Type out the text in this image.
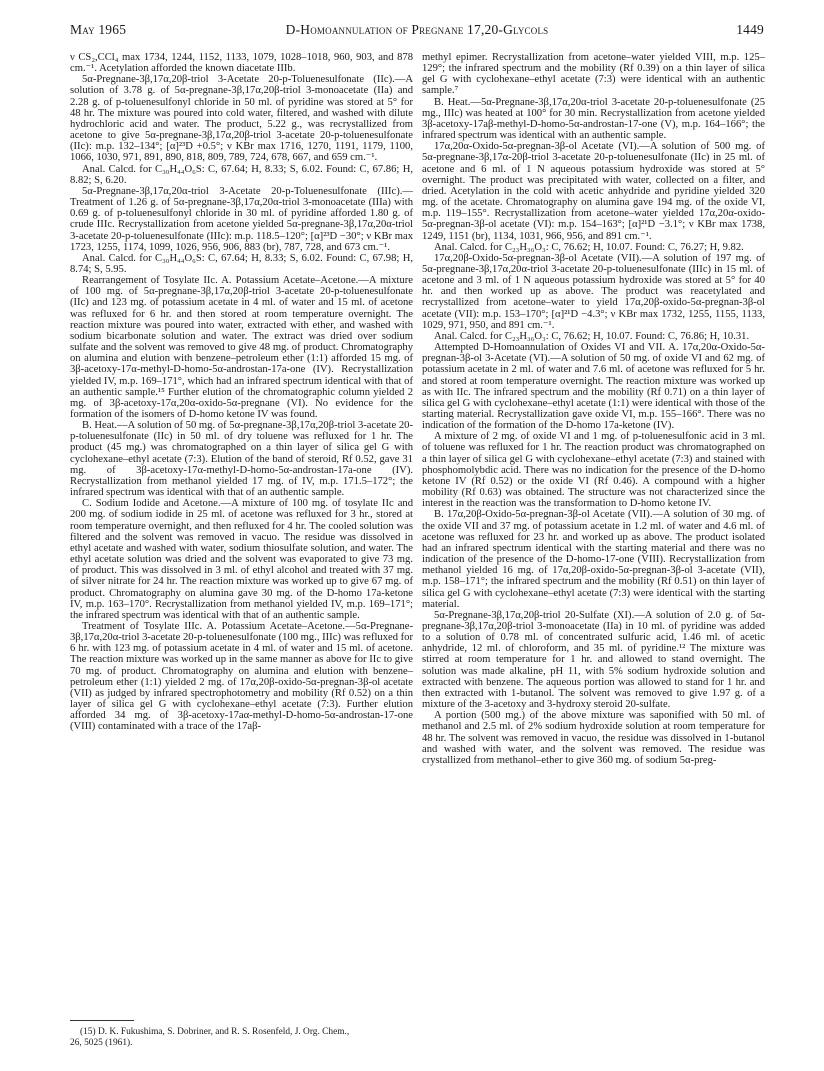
May 1965	D-Homoannulation of Pregnane 17,20-Glycols	1449

ν CS₂,CCl₄ max 1734, 1244, 1152, 1133, 1079, 1028–1018, 960, 903, and 878 cm.⁻¹. Acetylation afforded the known diacetate IIIb.

5α-Pregnane-3β,17α,20β-triol 3-Acetate 20-p-Toluenesulfonate (IIc).—A solution of 3.78 g. of 5α-pregnane-3β,17α,20β-triol 3-monoacetate (IIa) and 2.28 g. of p-toluenesulfonyl chloride in 50 ml. of pyridine was stored at 5° for 48 hr. The mixture was poured into cold water, filtered, and washed with dilute hydrochloric acid and water. The product, 5.22 g., was recrystallized from acetone to give 5α-pregnane-3β,17α,20β-triol 3-acetate 20-p-toluenesulfonate (IIc): m.p. 132–134°; [α]²³D +0.5°; ν KBr max 1716, 1270, 1191, 1179, 1100, 1066, 1030, 971, 891, 890, 818, 809, 789, 724, 678, 667, and 659 cm.⁻¹.

Anal. Calcd. for C₃₀H₄₄O₆S: C, 67.64; H, 8.33; S, 6.02. Found: C, 67.86; H, 8.82; S, 6.20.

5α-Pregnane-3β,17α,20α-triol 3-Acetate 20-p-Toluenesulfonate (IIIc).—Treatment of 1.26 g. of 5α-pregnane-3β,17α,20α-triol 3-monoacetate (IIIa) with 0.69 g. of p-toluenesulfonyl chloride in 30 ml. of pyridine afforded 1.80 g. of crude IIIc. Recrystallization from acetone yielded 5α-pregnane-3β,17α,20α-triol 3-acetate 20-p-toluenesulfonate (IIIc): m.p. 118.5–120°; [α]²³D −30°; ν KBr max 1723, 1255, 1174, 1099, 1026, 956, 906, 883 (br), 787, 728, and 673 cm.⁻¹.

Anal. Calcd. for C₃₀H₄₄O₆S: C, 67.64; H, 8.33; S, 6.02. Found: C, 67.98; H, 8.74; S, 5.95.

Rearrangement of Tosylate IIc. A. Potassium Acetate–Acetone.—A mixture of 100 mg. of 5α-pregnane-3β,17α,20β-triol 3-acetate 20-p-toluenesulfonate (IIc) and 123 mg. of potassium acetate in 4 ml. of water and 15 ml. of acetone was refluxed for 6 hr. and then stored at room temperature overnight. The reaction mixture was poured into water, extracted with ether, and washed with sodium bicarbonate solution and water. The extract was dried over sodium sulfate and the solvent was removed to give 48 mg. of product. Chromatography on alumina and elution with benzene–petroleum ether (1:1) afforded 15 mg. of 3β-acetoxy-17α-methyl-D-homo-5α-androstan-17a-one (IV). Recrystallization yielded IV, m.p. 169–171°, which had an infrared spectrum identical with that of an authentic sample.¹⁵ Further elution of the chromatographic column yielded 2 mg. of 3β-acetoxy-17α,20α-oxido-5α-pregnane (VI). No evidence for the formation of the isomers of D-homo ketone IV was found.

B. Heat.—A solution of 50 mg. of 5α-pregnane-3β,17α,20β-triol 3-acetate 20-p-toluenesulfonate (IIc) in 50 ml. of dry toluene was refluxed for 1 hr. The product (45 mg.) was chromatographed on a thin layer of silica gel G with cyclohexane–ethyl acetate (7:3). Elution of the band of steroid, Rf 0.52, gave 31 mg. of 3β-acetoxy-17α-methyl-D-homo-5α-androstan-17a-one (IV). Recrystallization from methanol yielded 17 mg. of IV, m.p. 171.5–172°; the infrared spectrum was identical with that of an authentic sample.

C. Sodium Iodide and Acetone.—A mixture of 100 mg. of tosylate IIc and 200 mg. of sodium iodide in 25 ml. of acetone was refluxed for 3 hr., stored at room temperature overnight, and then refluxed for 4 hr. The cooled solution was filtered and the solvent was removed in vacuo. The residue was dissolved in ethyl acetate and washed with water, sodium thiosulfate solution, and water. The ethyl acetate solution was dried and the solvent was evaporated to give 73 mg. of product. This was dissolved in 3 ml. of ethyl alcohol and treated with 37 mg. of silver nitrate for 24 hr. The reaction mixture was worked up to give 67 mg. of product. Chromatography on alumina gave 30 mg. of the D-homo 17a-ketone IV, m.p. 163–170°. Recrystallization from methanol yielded IV, m.p. 169–171°; the infrared spectrum was identical with that of an authentic sample.

Treatment of Tosylate IIIc. A. Potassium Acetate–Acetone.—5α-Pregnane-3β,17α,20α-triol 3-acetate 20-p-toluenesulfonate (100 mg., IIIc) was refluxed for 6 hr. with 123 mg. of potassium acetate in 4 ml. of water and 15 ml. of acetone. The reaction mixture was worked up in the same manner as above for IIc to give 70 mg. of product. Chromatography on alumina and elution with benzene–petroleum ether (1:1) yielded 2 mg. of 17α,20β-oxido-5α-pregnan-3β-ol acetate (VII) as judged by infrared spectrophotometry and mobility (Rf 0.52) on a thin layer of silica gel G with cyclohexane–ethyl acetate (7:3). Further elution afforded 34 mg. of 3β-acetoxy-17aα-methyl-D-homo-5α-androstan-17-one (VIII) contaminated with a trace of the 17aβ-

methyl epimer. Recrystallization from acetone–water yielded VIII, m.p. 125–129°; the infrared spectrum and the mobility (Rf 0.39) on a thin layer of silica gel G with cyclohexane–ethyl acetate (7:3) were identical with an authentic sample.⁷

B. Heat.—5α-Pregnane-3β,17α,20α-triol 3-acetate 20-p-toluenesulfonate (25 mg., IIIc) was heated at 100° for 30 min. Recrystallization from acetone yielded 3β-acetoxy-17aβ-methyl-D-homo-5α-androstan-17-one (V), m.p. 164–166°; the infrared spectrum was identical with an authentic sample.

17α,20α-Oxido-5α-pregnan-3β-ol Acetate (VI).—A solution of 500 mg. of 5α-pregnane-3β,17α-20β-triol 3-acetate 20-p-toluenesulfonate (IIc) in 25 ml. of acetone and 6 ml. of 1 N aqueous potassium hydroxide was stored at 5° overnight. The product was precipitated with water, collected on a filter, and dried. Acetylation in the cold with acetic anhydride and pyridine yielded 320 mg. of the acetate. Chromatography on alumina gave 194 mg. of the oxide VI, m.p. 119–155°. Recrystallization from acetone–water yielded 17α,20α-oxido-5α-pregnan-3β-ol acetate (VI): m.p. 154–163°; [α]²¹D −3.1°; ν KBr max 1738, 1249, 1151 (br), 1134, 1031, 966, 956, and 891 cm.⁻¹.

Anal. Calcd. for C₂₃H₃₆O₃: C, 76.62; H, 10.07. Found: C, 76.27; H, 9.82.

17α,20β-Oxido-5α-pregnan-3β-ol Acetate (VII).—A solution of 197 mg. of 5α-pregnane-3β,17α,20α-triol 3-acetate 20-p-toluenesulfonate (IIIc) in 15 ml. of acetone and 3 ml. of 1 N aqueous potassium hydroxide was stored at 5° for 40 hr. and then worked up as above. The product was reacetylated and recrystallized from acetone–water to yield 17α,20β-oxido-5α-pregnan-3β-ol acetate (VII): m.p. 153–170°; [α]²¹D −4.3°; ν KBr max 1732, 1255, 1155, 1133, 1029, 971, 950, and 891 cm.⁻¹.

Anal. Calcd. for C₂₃H₃₆O₃: C, 76.62; H, 10.07. Found: C, 76.86; H, 10.31.

Attempted D-Homoannulation of Oxides VI and VII. A. 17α,20α-Oxido-5α-pregnan-3β-ol 3-Acetate (VI).—A solution of 50 mg. of oxide VI and 62 mg. of potassium acetate in 2 ml. of water and 7.6 ml. of acetone was refluxed for 5 hr. and stored at room temperature overnight. The reaction mixture was worked up as with IIc. The infrared spectrum and the mobility (Rf 0.71) on a thin layer of silica gel G with cyclohexane–ethyl acetate (1:1) were identical with those of the starting material. Recrystallization gave oxide VI, m.p. 155–166°. There was no indication of the formation of the D-homo 17a-ketone (IV).

A mixture of 2 mg. of oxide VI and 1 mg. of p-toluenesulfonic acid in 3 ml. of toluene was refluxed for 1 hr. The reaction product was chromatographed on a thin layer of silica gel G with cyclohexane–ethyl acetate (7:3) and stained with phosphomolybdic acid. There was no indication for the presence of the D-homo ketone IV (Rf 0.52) or the oxide VI (Rf 0.46). A compound with a higher mobility (Rf 0.63) was obtained. The structure was not characterized since the interest in the reaction was the transformation to D-homo ketone IV.

B. 17α,20β-Oxido-5α-pregnan-3β-ol Acetate (VII).—A solution of 30 mg. of the oxide VII and 37 mg. of potassium acetate in 1.2 ml. of water and 4.6 ml. of acetone was refluxed for 23 hr. and worked up as above. The product isolated had an infrared spectrum identical with the starting material and there was no indication of the presence of the D-homo-17-one (VIII). Recrystallization from methanol yielded 16 mg. of 17α,20β-oxido-5α-pregnan-3β-ol 3-acetate (VII), m.p. 158–171°; the infrared spectrum and the mobility (Rf 0.51) on thin layer of silica gel G with cyclohexane–ethyl acetate (7:3) were identical with the starting material.

5α-Pregnane-3β,17α,20β-triol 20-Sulfate (XI).—A solution of 2.0 g. of 5α-pregnane-3β,17α,20β-triol 3-monoacetate (IIa) in 10 ml. of pyridine was added to a solution of 0.78 ml. of concentrated sulfuric acid, 1.46 ml. of acetic anhydride, 12 ml. of chloroform, and 35 ml. of pyridine.¹² The mixture was stirred at room temperature for 1 hr. and allowed to stand overnight. The solution was made alkaline, pH 11, with 5% sodium hydroxide solution and extracted with benzene. The aqueous portion was allowed to stand for 1 hr. and then extracted with 1-butanol. The solvent was removed to give 1.97 g. of a mixture of the 3-acetoxy and 3-hydroxy steroid 20-sulfate.

A portion (500 mg.) of the above mixture was saponified with 50 ml. of methanol and 2.5 ml. of 2% sodium hydroxide solution at room temperature for 48 hr. The solvent was removed in vacuo, the residue was dissolved in 1-butanol and washed with water, and the solvent was removed. The residue was crystallized from methanol–ether to give 360 mg. of sodium 5α-preg-

(15) D. K. Fukushima, S. Dobriner, and R. S. Rosenfeld, J. Org. Chem.,
26, 5025 (1961).
